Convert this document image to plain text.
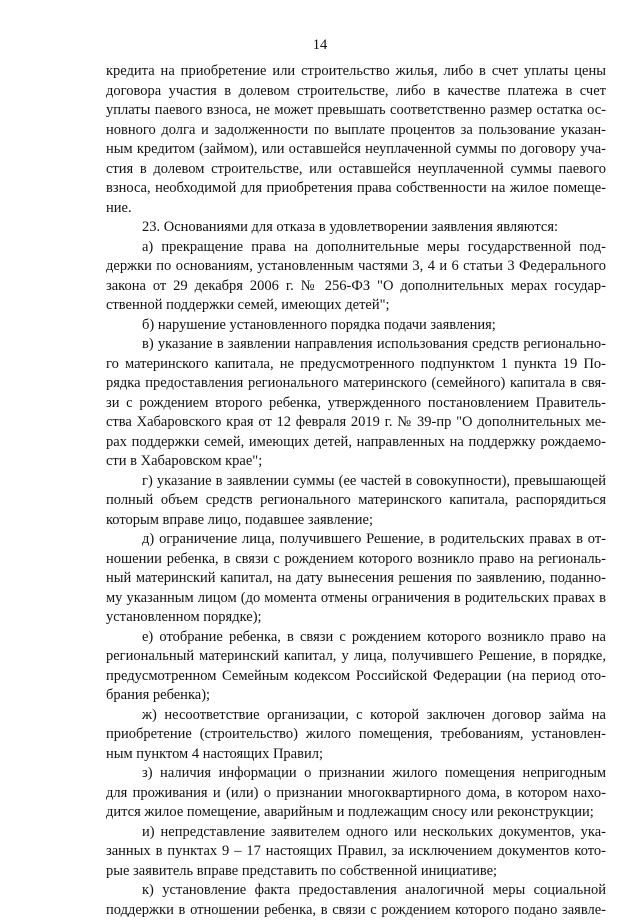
14
кредита на приобретение или строительство жилья, либо в счет уплаты цены
договора участия в долевом строительстве, либо в качестве платежа в счет
уплаты паевого взноса, не может превышать соответственно размер остатка ос-
новного долга и задолженности по выплате процентов за пользование указан-
ным кредитом (займом), или оставшейся неуплаченной суммы по договору уча-
стия в долевом строительстве, или оставшейся неуплаченной суммы паевого
взноса, необходимой для приобретения права собственности на жилое помеще-
ние.
23. Основаниями для отказа в удовлетворении заявления являются:
а) прекращение права на дополнительные меры государственной под-
держки по основаниям, установленным частями 3, 4 и 6 статьи 3 Федерального
закона от 29 декабря 2006 г. № 256-ФЗ "О дополнительных мерах государ-
ственной поддержки семей, имеющих детей";
б) нарушение установленного порядка подачи заявления;
в) указание в заявлении направления использования средств регионально-
го материнского капитала, не предусмотренного подпунктом 1 пункта 19 По-
рядка предоставления регионального материнского (семейного) капитала в свя-
зи с рождением второго ребенка, утвержденного постановлением Правитель-
ства Хабаровского края от 12 февраля 2019 г. № 39-пр "О дополнительных ме-
рах поддержки семей, имеющих детей, направленных на поддержку рождаемо-
сти в Хабаровском крае";
г) указание в заявлении суммы (ее частей в совокупности), превышающей
полный объем средств регионального материнского капитала, распорядиться
которым вправе лицо, подавшее заявление;
д) ограничение лица, получившего Решение, в родительских правах в от-
ношении ребенка, в связи с рождением которого возникло право на региональ-
ный материнский капитал, на дату вынесения решения по заявлению, поданно-
му указанным лицом (до момента отмены ограничения в родительских правах в
установленном порядке);
е) отобрание ребенка, в связи с рождением которого возникло право на
региональный материнский капитал, у лица, получившего Решение, в порядке,
предусмотренном Семейным кодексом Российской Федерации (на период ото-
брания ребенка);
ж) несоответствие организации, с которой заключен договор займа на
приобретение (строительство) жилого помещения, требованиям, установлен-
ным пунктом 4 настоящих Правил;
з) наличия информации о признании жилого помещения непригодным
для проживания и (или) о признании многоквартирного дома, в котором нахо-
дится жилое помещение, аварийным и подлежащим сносу или реконструкции;
и) непредставление заявителем одного или нескольких документов, ука-
занных в пунктах 9 – 17 настоящих Правил, за исключением документов кото-
рые заявитель вправе представить по собственной инициативе;
к) установление факта предоставления аналогичной меры социальной
поддержки в отношении ребенка, в связи с рождением которого подано заявле-
